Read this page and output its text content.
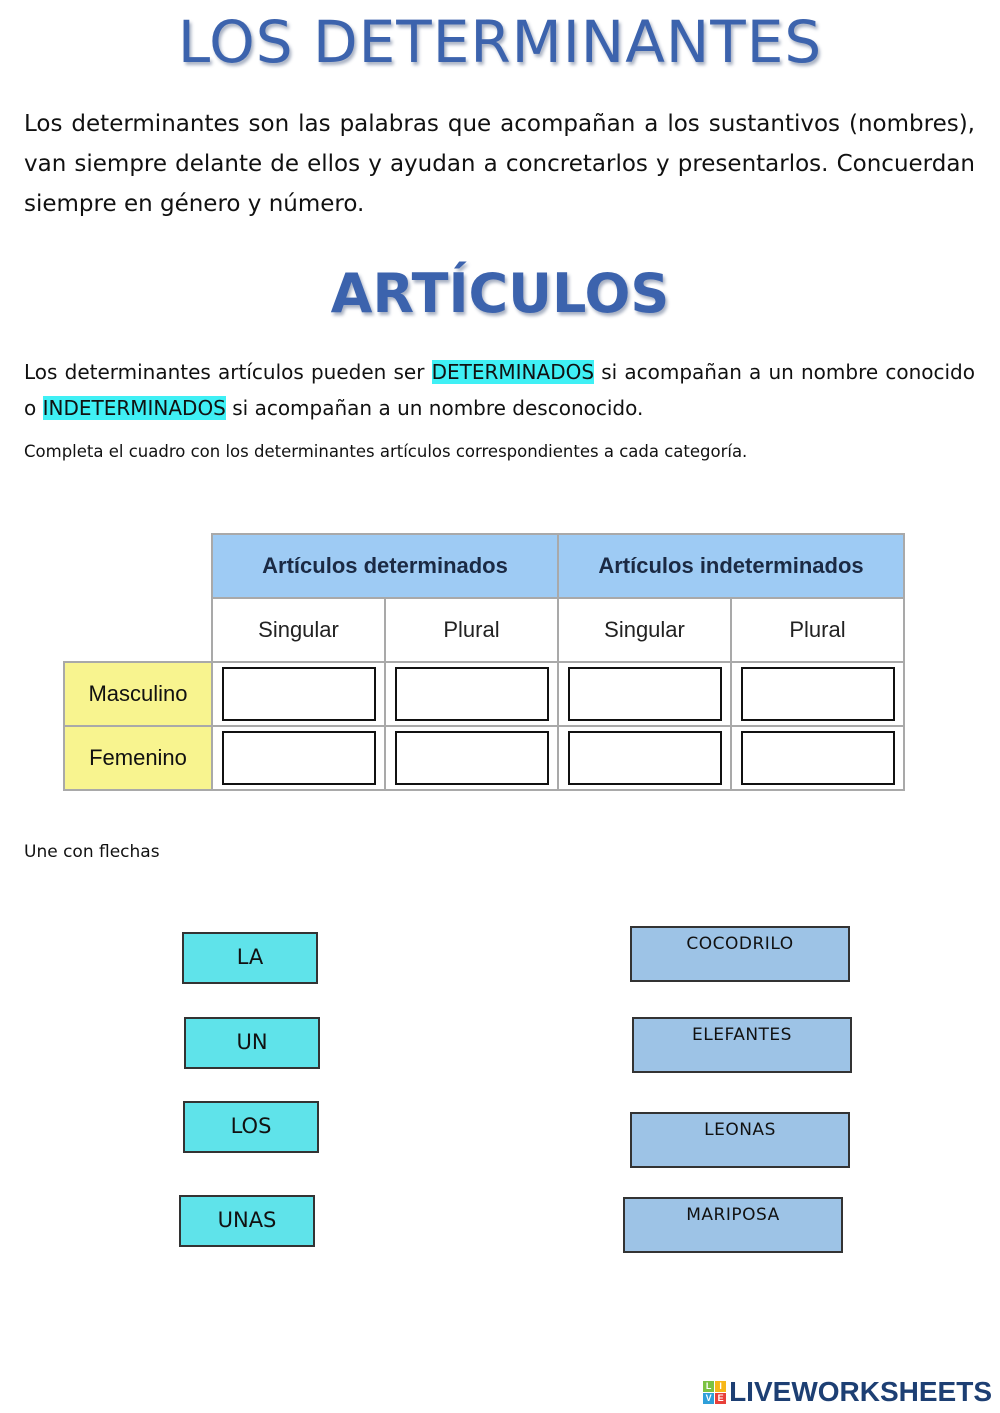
LOS DETERMINANTES
Los determinantes son las palabras que acompañan a los sustantivos (nombres), van siempre delante de ellos y ayudan a concretarlos y presentarlos. Concuerdan siempre en género y número.
ARTÍCULOS
Los determinantes artículos pueden ser DETERMINADOS si acompañan a un nombre conocido o INDETERMINADOS si acompañan a un nombre desconocido.
Completa el cuadro con los determinantes artículos correspondientes a cada categoría.
	Artículos determinados		Artículos indeterminados	
	Singular	Plural	Singular	Plural
Masculino	

Femenino	

Une con flechas
LA
UN
LOS
UNAS
COCODRILO
ELEFANTES
LEONAS
MARIPOSA
L I
V E LIVEWORKSHEETS
